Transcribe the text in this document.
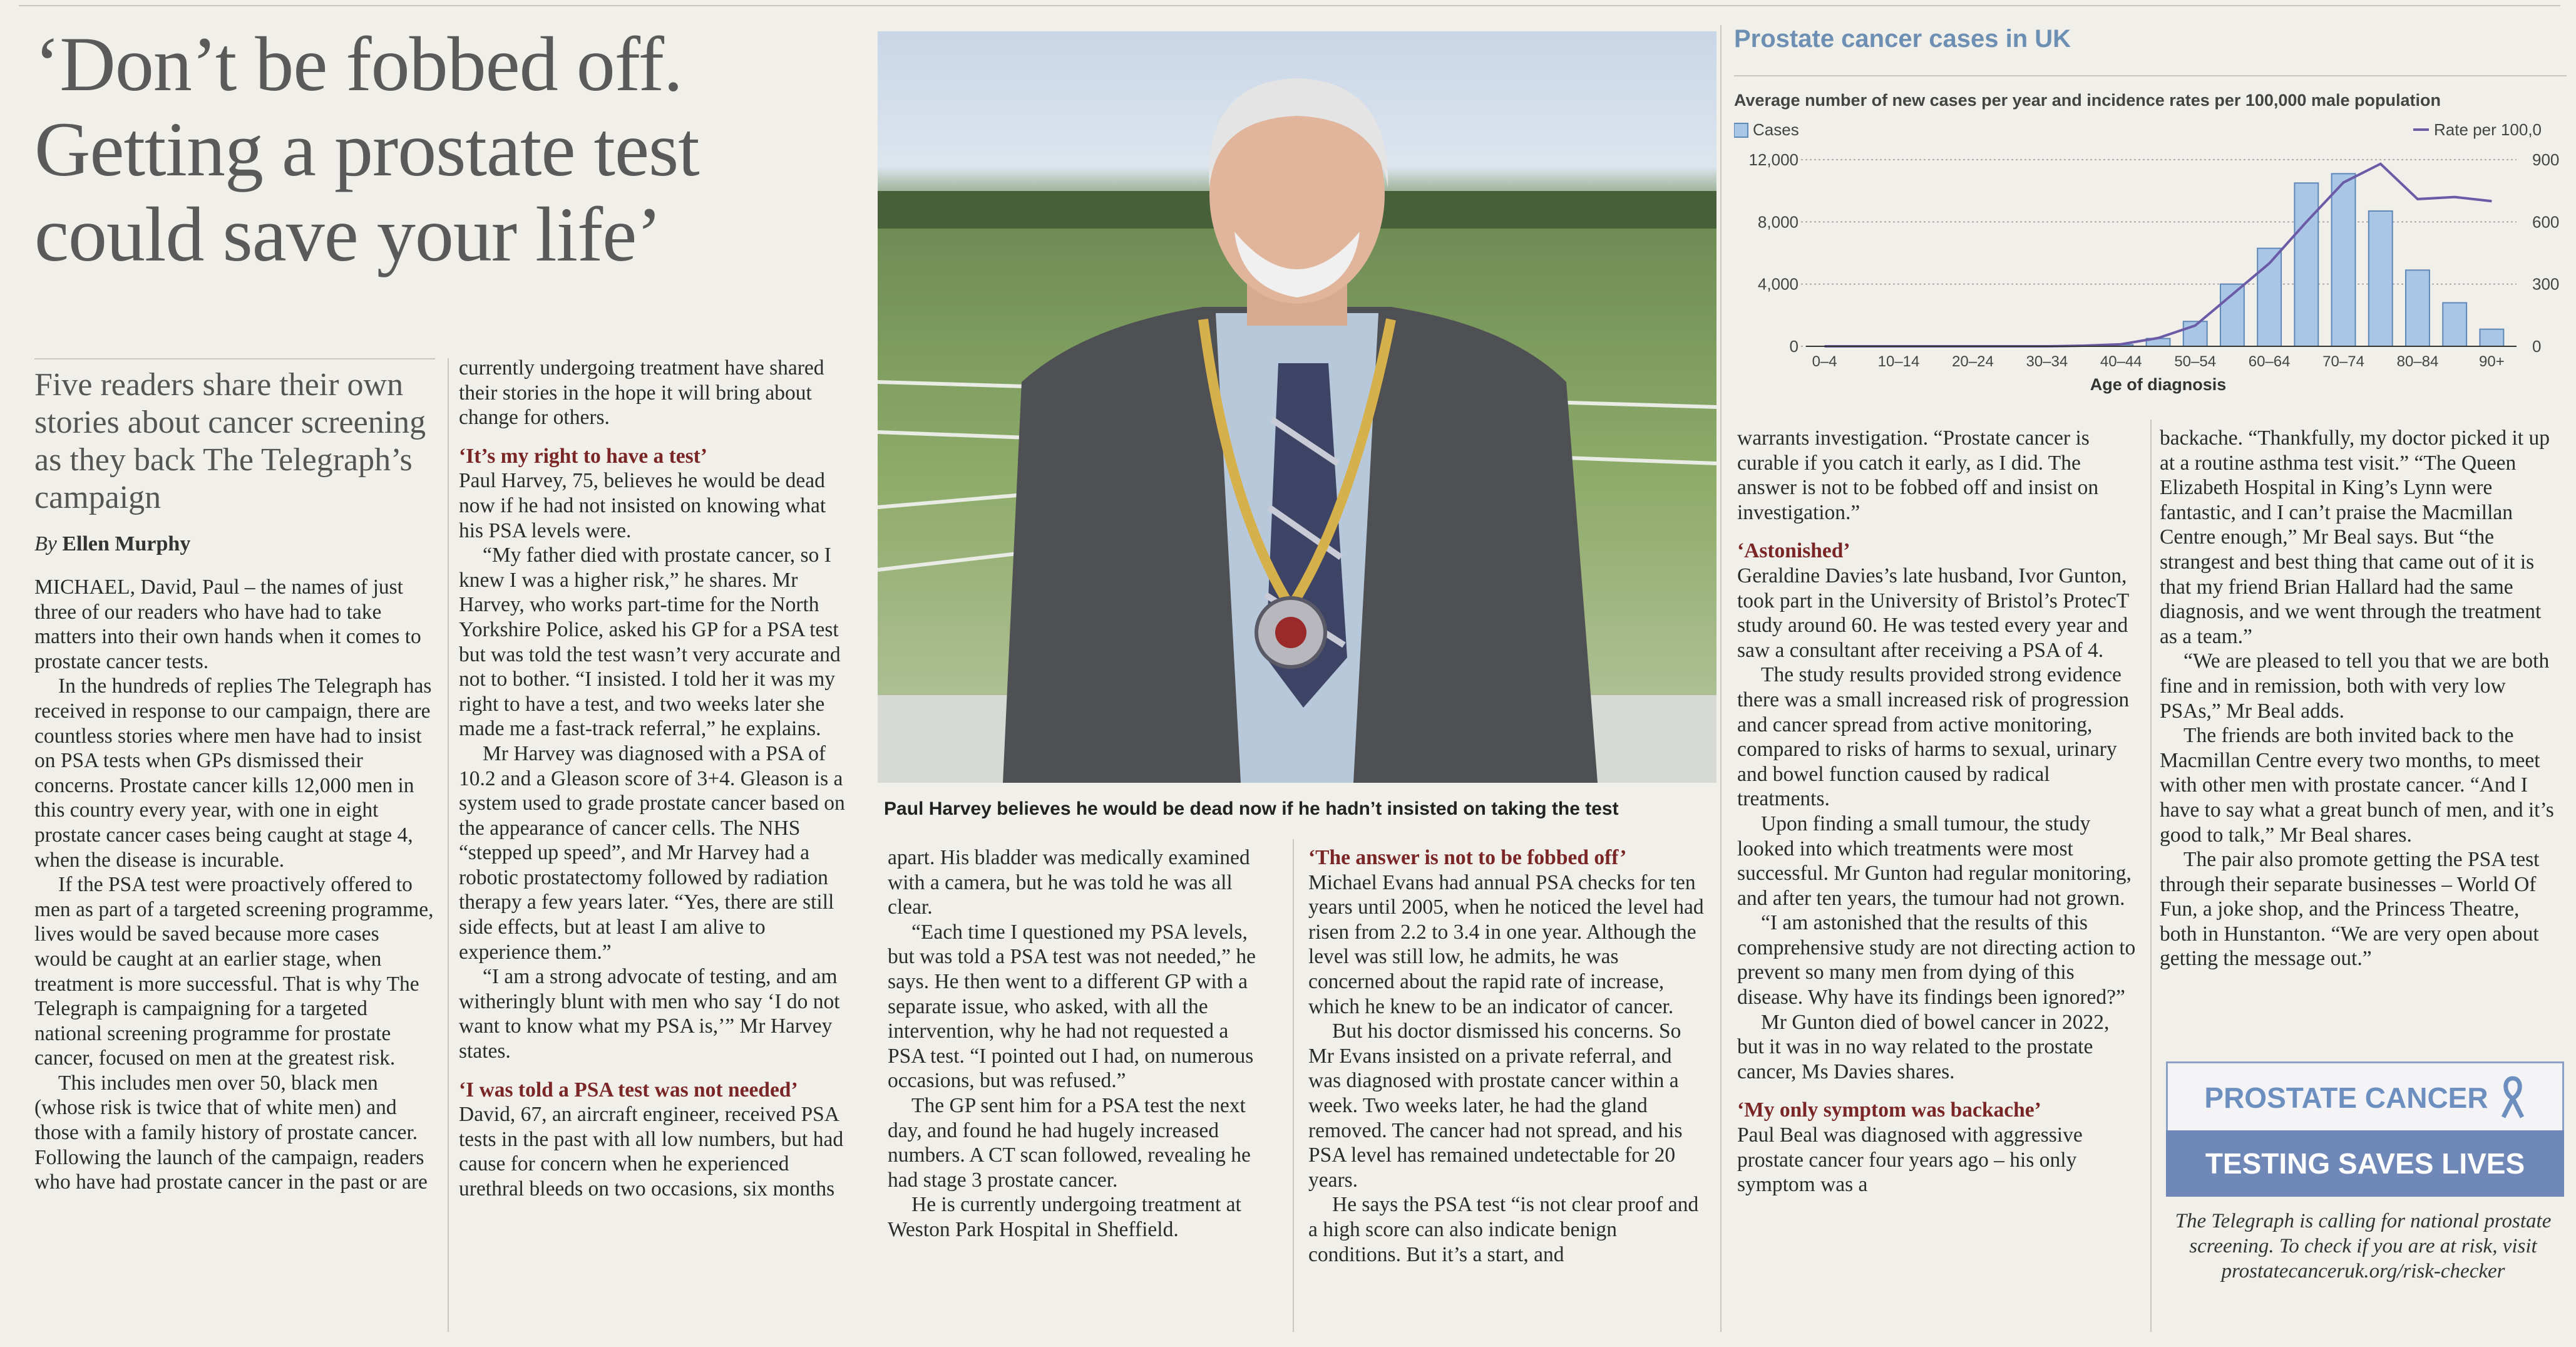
‘Don’t be fobbed off. Getting a prostate test could save your life’
Five readers share their own stories about cancer screening as they back The Telegraph’s campaign
By Ellen Murphy

MICHAEL, David, Paul – the names of just three of our readers who have had to take matters into their own hands when it comes to prostate cancer tests.

In the hundreds of replies The Telegraph has received in response to our campaign, there are countless stories where men have had to insist on PSA tests when GPs dismissed their concerns. Prostate cancer kills 12,000 men in this country every year, with one in eight prostate cancer cases being caught at stage 4, when the disease is incurable.

If the PSA test were proactively offered to men as part of a targeted screening programme, lives would be saved because more cases would be caught at an earlier stage, when treatment is more successful. That is why The Telegraph is campaigning for a targeted national screening programme for prostate cancer, focused on men at the greatest risk.

This includes men over 50, black men (whose risk is twice that of white men) and those with a family history of prostate cancer. Following the launch of the campaign, readers who have had prostate cancer in the past or are

currently undergoing treatment have shared their stories in the hope it will bring about change for others.

‘It’s my right to have a test’

Paul Harvey, 75, believes he would be dead now if he had not insisted on knowing what his PSA levels were.

“My father died with prostate cancer, so I knew I was a higher risk,” he shares. Mr Harvey, who works part-time for the North Yorkshire Police, asked his GP for a PSA test but was told the test wasn’t very accurate and not to bother. “I insisted. I told her it was my right to have a test, and two weeks later she made me a fast-track referral,” he explains.

Mr Harvey was diagnosed with a PSA of 10.2 and a Gleason score of 3+4. Gleason is a system used to grade prostate cancer based on the appearance of cancer cells. The NHS “stepped up speed”, and Mr Harvey had a robotic prostatectomy followed by radiation therapy a few years later. “Yes, there are still side effects, but at least I am alive to experience them.”

“I am a strong advocate of testing, and am witheringly blunt with men who say ‘I do not want to know what my PSA is,’” Mr Harvey states.

‘I was told a PSA test was not needed’

David, 67, an aircraft engineer, received PSA tests in the past with all low numbers, but had cause for concern when he experienced urethral bleeds on two occasions, six months

Paul Harvey believes he would be dead now if he hadn’t insisted on taking the test

apart. His bladder was medically examined with a camera, but he was told he was all clear.

“Each time I questioned my PSA levels, but was told a PSA test was not needed,” he says. He then went to a different GP with a separate issue, who asked, with all the intervention, why he had not requested a PSA test. “I pointed out I had, on numerous occasions, but was refused.”

The GP sent him for a PSA test the next day, and found he had hugely increased numbers. A CT scan followed, revealing he had stage 3 prostate cancer.

He is currently undergoing treatment at Weston Park Hospital in Sheffield.

‘The answer is not to be fobbed off’

Michael Evans had annual PSA checks for ten years until 2005, when he noticed the level had risen from 2.2 to 3.4 in one year. Although the level was still low, he admits, he was concerned about the rapid rate of increase, which he knew to be an indicator of cancer.

But his doctor dismissed his concerns. So Mr Evans insisted on a private referral, and was diagnosed with prostate cancer within a week. Two weeks later, he had the gland removed. The cancer had not spread, and his PSA level has remained undetectable for 20 years.

He says the PSA test “is not clear proof and a high score can also indicate benign conditions. But it’s a start, and

Prostate cancer cases in UK
Average number of new cases per year and incidence rates per 100,000 male population
Cases	Rate per 100,0
0
4,000
8,000
12,000
0
300
600
900
0–4	10–14 20–24 30–34 40–44 50–54 60–64 70–74 80–84	90+
Age of diagnosis

warrants investigation. “Prostate cancer is curable if you catch it early, as I did. The answer is not to be fobbed off and insist on investigation.”

‘Astonished’

Geraldine Davies’s late husband, Ivor Gunton, took part in the University of Bristol’s ProtecT study around 60. He was tested every year and saw a consultant after receiving a PSA of 4.

The study results provided strong evidence there was a small increased risk of progression and cancer spread from active monitoring, compared to risks of harms to sexual, urinary and bowel function caused by radical treatments.

Upon finding a small tumour, the study looked into which treatments were most successful. Mr Gunton had regular monitoring, and after ten years, the tumour had not grown.

“I am astonished that the results of this comprehensive study are not directing action to prevent so many men from dying of this disease. Why have its findings been ignored?”

Mr Gunton died of bowel cancer in 2022, but it was in no way related to the prostate cancer, Ms Davies shares.

‘My only symptom was backache’

Paul Beal was diagnosed with aggressive prostate cancer four years ago – his only symptom was a

backache. “Thankfully, my doctor picked it up at a routine asthma test visit.” “The Queen Elizabeth Hospital in King’s Lynn were fantastic, and I can’t praise the Macmillan Centre enough,” Mr Beal says. But “the strangest and best thing that came out of it is that my friend Brian Hallard had the same diagnosis, and we went through the treatment as a team.”

“We are pleased to tell you that we are both fine and in remission, both with very low PSAs,” Mr Beal adds.

The friends are both invited back to the Macmillan Centre every two months, to meet with other men with prostate cancer. “And I have to say what a great bunch of men, and it’s good to talk,” Mr Beal shares.

The pair also promote getting the PSA test through their separate businesses – World Of Fun, a joke shop, and the Princess Theatre, both in Hunstanton. “We are very open about getting the message out.”

PROSTATE CANCER
TESTING SAVES LIVES
The Telegraph is calling for national prostate screening. To check if you are at risk, visit prostatecanceruk.org/risk-checker
